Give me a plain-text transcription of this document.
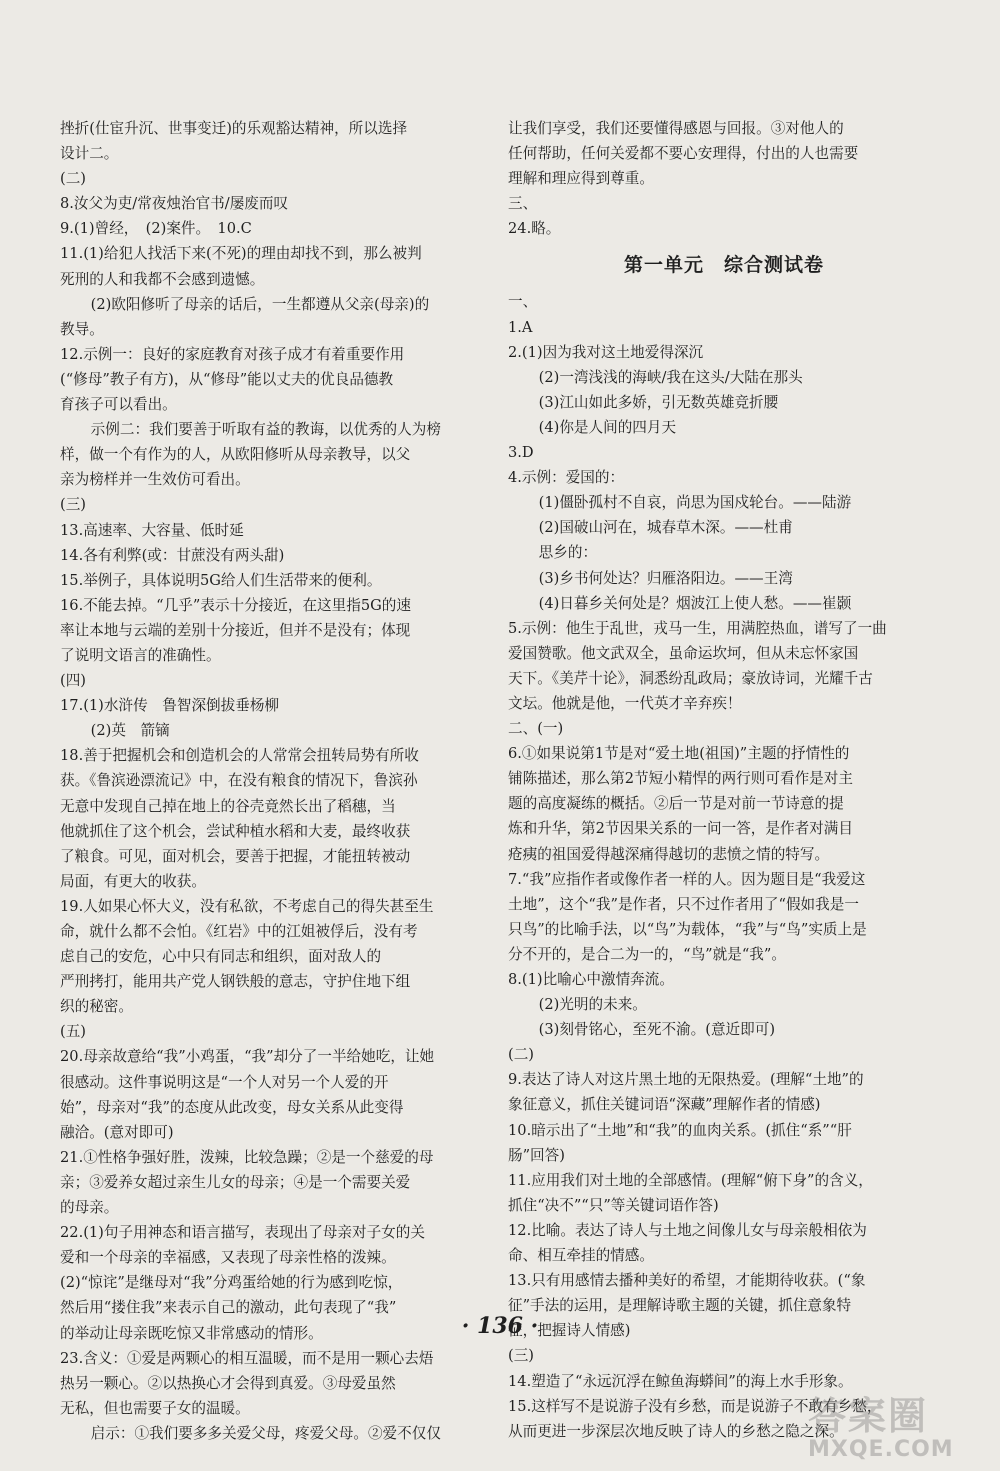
挫折(仕宦升沉、世事变迁)的乐观豁达精神，所以选择
设计二。
(二)
8.汝父为吏/常夜烛治官书/屡废而叹
9.(1)曾经，　(2)案件。　10.C
11.(1)给犯人找活下来(不死)的理由却找不到，那么被判
死刑的人和我都不会感到遗憾。
(2)欧阳修听了母亲的话后，一生都遵从父亲(母亲)的
教导。
12.示例一：良好的家庭教育对孩子成才有着重要作用
(“修母”教子有方)，从“修母”能以丈夫的优良品德教
育孩子可以看出。
示例二：我们要善于听取有益的教诲，以优秀的人为榜
样，做一个有作为的人，从欧阳修听从母亲教导，以父
亲为榜样并一生效仿可看出。
(三)
13.高速率、大容量、低时延
14.各有利弊(或：甘蔗没有两头甜)
15.举例子，具体说明5G给人们生活带来的便利。
16.不能去掉。“几乎”表示十分接近，在这里指5G的速
率让本地与云端的差别十分接近，但并不是没有；体现
了说明文语言的准确性。
(四)
17.(1)水浒传　鲁智深倒拔垂杨柳
(2)英　箭镝
18.善于把握机会和创造机会的人常常会扭转局势有所收
获。《鲁滨逊漂流记》中，在没有粮食的情况下，鲁滨孙
无意中发现自己掉在地上的谷壳竟然长出了稻穗，当
他就抓住了这个机会，尝试种植水稻和大麦，最终收获
了粮食。可见，面对机会，要善于把握，才能扭转被动
局面，有更大的收获。
19.人如果心怀大义，没有私欲，不考虑自己的得失甚至生
命，就什么都不会怕。《红岩》中的江姐被俘后，没有考
虑自己的安危，心中只有同志和组织，面对敌人的
严刑拷打，能用共产党人钢铁般的意志，守护住地下组
织的秘密。
(五)
20.母亲故意给“我”小鸡蛋，“我”却分了一半给她吃，让她
很感动。这件事说明这是“一个人对另一个人爱的开
始”，母亲对“我”的态度从此改变，母女关系从此变得
融洽。(意对即可)
21.①性格争强好胜，泼辣，比较急躁；②是一个慈爱的母
亲；③爱养女超过亲生儿女的母亲；④是一个需要关爱
的母亲。
22.(1)句子用神态和语言描写，表现出了母亲对子女的关
爱和一个母亲的幸福感，又表现了母亲性格的泼辣。
(2)“惊诧”是继母对“我”分鸡蛋给她的行为感到吃惊，
然后用“搂住我”来表示自己的激动，此句表现了“我”
的举动让母亲既吃惊又非常感动的情形。
23.含义：①爱是两颗心的相互温暖，而不是用一颗心去焐
热另一颗心。②以热换心才会得到真爱。③母爱虽然
无私，但也需要子女的温暖。
启示：①我们要多多关爱父母，疼爱父母。②爱不仅仅
让我们享受，我们还要懂得感恩与回报。③对他人的
任何帮助，任何关爱都不要心安理得，付出的人也需要
理解和理应得到尊重。
三、
24.略。
第一单元　综合测试卷
一、
1.A
2.(1)因为我对这土地爱得深沉
(2)一湾浅浅的海峡/我在这头/大陆在那头
(3)江山如此多娇，引无数英雄竞折腰
(4)你是人间的四月天
3.D
4.示例：爱国的：
(1)僵卧孤村不自哀，尚思为国戍轮台。——陆游
(2)国破山河在，城春草木深。——杜甫
思乡的：
(3)乡书何处达？归雁洛阳边。——王湾
(4)日暮乡关何处是？烟波江上使人愁。——崔颢
5.示例：他生于乱世，戎马一生，用满腔热血，谱写了一曲
爱国赞歌。他文武双全，虽命运坎坷，但从未忘怀家国
天下。《美芹十论》，洞悉纷乱政局；豪放诗词，光耀千古
文坛。他就是他，一代英才辛弃疾！
二、(一)
6.①如果说第1节是对“爱土地(祖国)”主题的抒情性的
铺陈描述，那么第2节短小精悍的两行则可看作是对主
题的高度凝练的概括。②后一节是对前一节诗意的提
炼和升华，第2节因果关系的一问一答，是作者对满目
疮痍的祖国爱得越深痛得越切的悲愤之情的特写。
7.“我”应指作者或像作者一样的人。因为题目是“我爱这
土地”，这个“我”是作者，只不过作者用了“假如我是一
只鸟”的比喻手法，以“鸟”为载体，“我”与“鸟”实质上是
分不开的，是合二为一的，“鸟”就是“我”。
8.(1)比喻心中激情奔流。
(2)光明的未来。
(3)刻骨铭心，至死不渝。(意近即可)
(二)
9.表达了诗人对这片黑土地的无限热爱。(理解“土地”的
象征意义，抓住关键词语“深藏”理解作者的情感)
10.暗示出了“土地”和“我”的血肉关系。(抓住“系”“肝
肠”回答)
11.应用我们对土地的全部感情。(理解“俯下身”的含义，
抓住“决不”“只”等关键词语作答)
12.比喻。表达了诗人与土地之间像儿女与母亲般相依为
命、相互牵挂的情感。
13.只有用感情去播种美好的希望，才能期待收获。(“象
征”手法的运用，是理解诗歌主题的关键，抓住意象特
征，把握诗人情感)
(三)
14.塑造了“永远沉浮在鲸鱼海蟒间”的海上水手形象。
15.这样写不是说游子没有乡愁，而是说游子不敢有乡愁，
从而更进一步深层次地反映了诗人的乡愁之隐之深。
· 136 ·
答案圈
MXQE.COM
